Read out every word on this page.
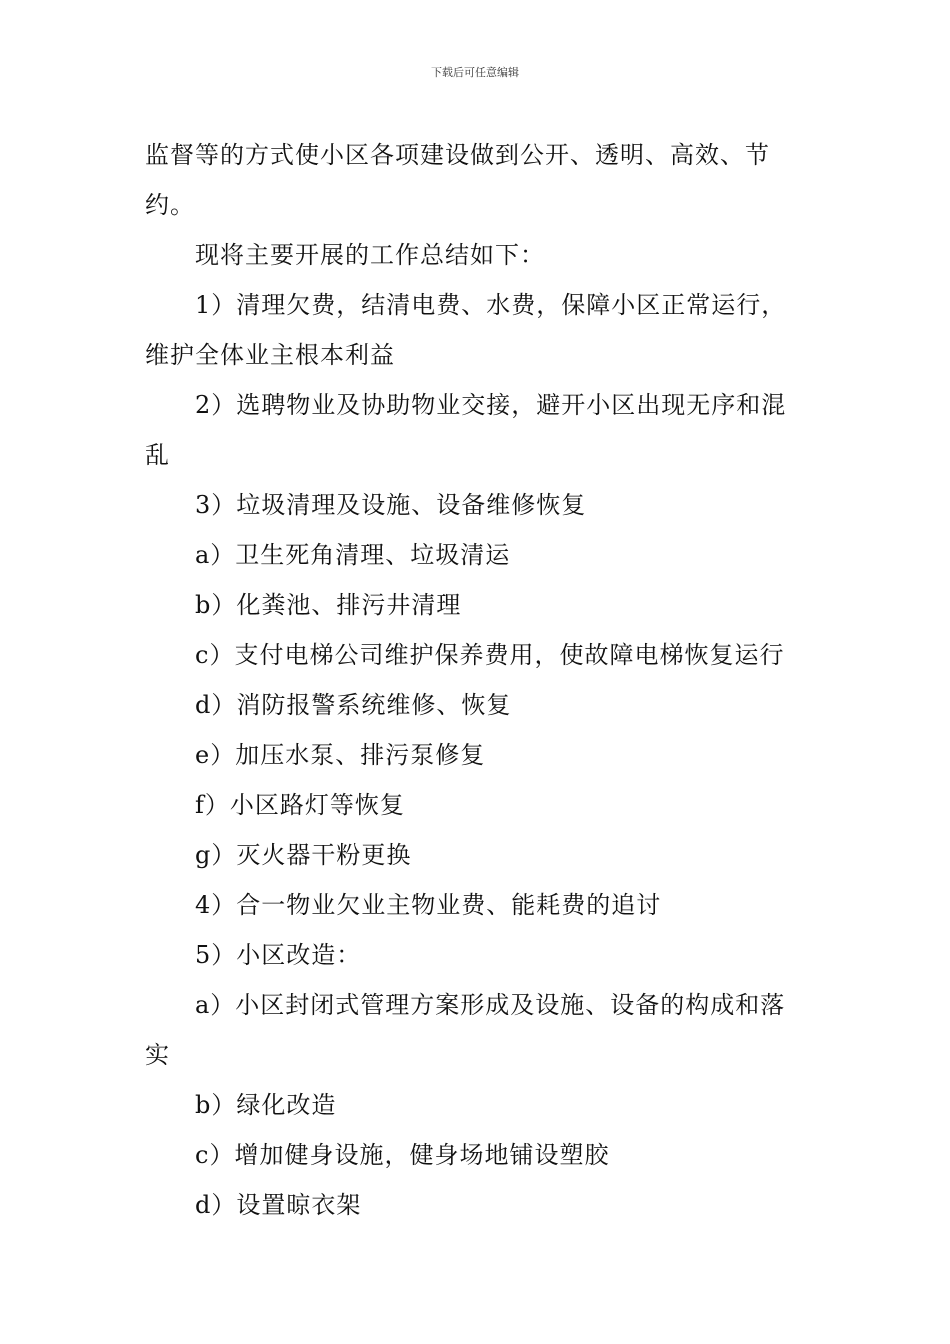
下载后可任意编辑
监督等的方式使小区各项建设做到公开、透明、高效、节
约。
现将主要开展的工作总结如下：
1）清理欠费，结清电费、水费，保障小区正常运行，
维护全体业主根本利益
2）选聘物业及协助物业交接，避开小区出现无序和混
乱
3）垃圾清理及设施、设备维修恢复
a）卫生死角清理、垃圾清运
b）化粪池、排污井清理
c）支付电梯公司维护保养费用，使故障电梯恢复运行
d）消防报警系统维修、恢复
e）加压水泵、排污泵修复
f）小区路灯等恢复
g）灭火器干粉更换
4）合一物业欠业主物业费、能耗费的追讨
5）小区改造：
a）小区封闭式管理方案形成及设施、设备的构成和落
实
b）绿化改造
c）增加健身设施，健身场地铺设塑胶
d）设置晾衣架
